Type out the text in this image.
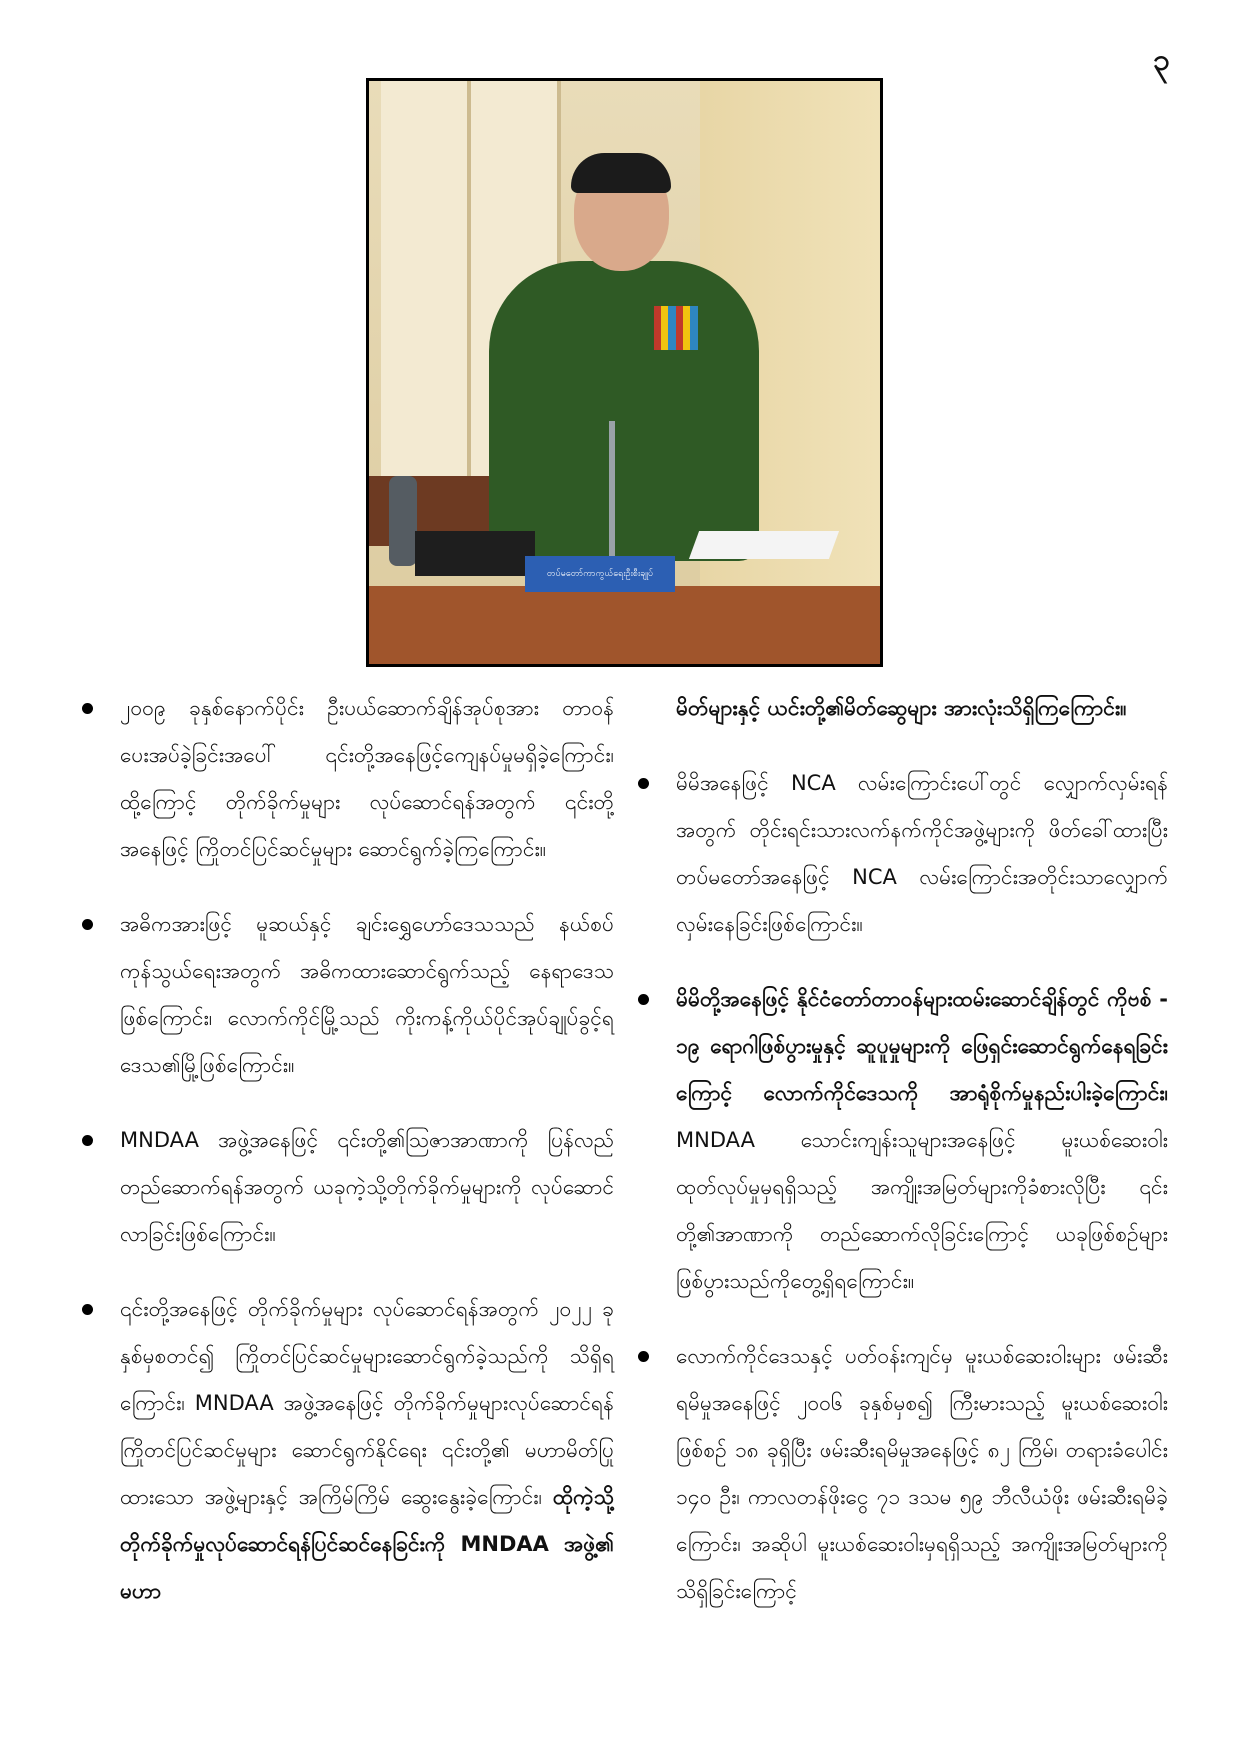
၃
တပ်မတော်ကာကွယ်ရေးဦးစီးချုပ်
၂၀၀၉ ခုနှစ်နောက်ပိုင်း ဦးပယ်ဆောက်ချိန်အုပ်စုအား တာဝန်ပေးအပ်ခဲ့ခြင်းအပေါ် ၎င်းတို့အနေဖြင့်ကျေနပ်မှုမရှိခဲ့ကြောင်း၊ ထို့ကြောင့် တိုက်ခိုက်မှုများ လုပ်ဆောင်ရန်အတွက် ၎င်းတို့အနေဖြင့် ကြိုတင်ပြင်ဆင်မှုများ ဆောင်ရွက်ခဲ့ကြကြောင်း။
အဓိကအားဖြင့် မူဆယ်နှင့် ချင်းရွှေဟော်ဒေသသည် နယ်စပ်ကုန်သွယ်ရေးအတွက် အဓိကထားဆောင်ရွက်သည့် နေရာဒေသဖြစ်ကြောင်း၊ လောက်ကိုင်မြို့သည် ကိုးကန့်ကိုယ်ပိုင်အုပ်ချုပ်ခွင့်ရဒေသ၏မြို့ဖြစ်ကြောင်း။
MNDAA အဖွဲ့အနေဖြင့် ၎င်းတို့၏ဩဇာအာဏာကို ပြန်လည်တည်ဆောက်ရန်အတွက် ယခုကဲ့သို့တိုက်ခိုက်မှုများကို လုပ်ဆောင်လာခြင်းဖြစ်ကြောင်း။
၎င်းတို့အနေဖြင့် တိုက်ခိုက်မှုများ လုပ်ဆောင်ရန်အတွက် ၂၀၂၂ ခုနှစ်မှစတင်၍ ကြိုတင်ပြင်ဆင်မှုများဆောင်ရွက်ခဲ့သည်ကို သိရှိရကြောင်း၊ MNDAA အဖွဲ့အနေဖြင့် တိုက်ခိုက်မှုများလုပ်ဆောင်ရန် ကြိုတင်ပြင်ဆင်မှုများ ဆောင်ရွက်နိုင်ရေး ၎င်းတို့၏ မဟာမိတ်ပြုထားသော အဖွဲ့များနှင့် အကြိမ်ကြိမ် ဆွေးနွေးခဲ့ကြောင်း၊ ထိုကဲ့သို့တိုက်ခိုက်မှုလုပ်ဆောင်ရန်ပြင်ဆင်နေခြင်းကို MNDAA အဖွဲ့၏ မဟာ
မိတ်များနှင့် ယင်းတို့၏မိတ်ဆွေများ အားလုံးသိရှိကြကြောင်း။
မိမိအနေဖြင့် NCA လမ်းကြောင်းပေါ်တွင် လျှောက်လှမ်းရန်အတွက် တိုင်းရင်းသားလက်နက်ကိုင်အဖွဲ့များကို ဖိတ်ခေါ်ထားပြီး တပ်မတော်အနေဖြင့် NCA လမ်းကြောင်းအတိုင်းသာလျှောက်လှမ်းနေခြင်းဖြစ်ကြောင်း။
မိမိတို့အနေဖြင့် နိုင်ငံတော်တာဝန်များထမ်းဆောင်ချိန်တွင် ကိုဗစ် - ၁၉ ရောဂါဖြစ်ပွားမှုနှင့် ဆူပူမှုများကို ဖြေရှင်းဆောင်ရွက်နေရခြင်းကြောင့် လောက်ကိုင်ဒေသကို အာရုံစိုက်မှုနည်းပါးခဲ့ကြောင်း၊ MNDAA သောင်းကျန်းသူများအနေဖြင့် မူးယစ်ဆေးဝါးထုတ်လုပ်မှုမှရရှိသည့် အကျိုးအမြတ်များကိုခံစားလိုပြီး ၎င်းတို့၏အာဏာကို တည်ဆောက်လိုခြင်းကြောင့် ယခုဖြစ်စဉ်များဖြစ်ပွားသည်ကိုတွေ့ရှိရကြောင်း။
လောက်ကိုင်ဒေသနှင့် ပတ်ဝန်းကျင်မှ မူးယစ်ဆေးဝါးများ ဖမ်းဆီးရမိမှုအနေဖြင့် ၂၀၀၆ ခုနှစ်မှစ၍ ကြီးမားသည့် မူးယစ်ဆေးဝါးဖြစ်စဉ် ၁၈ ခုရှိပြီး ဖမ်းဆီးရမိမှုအနေဖြင့် ၈၂ ကြိမ်၊ တရားခံပေါင်း ၁၄၀ ဦး၊ ကာလတန်ဖိုးငွေ ၇၁ ဒသမ ၅၉ ဘီလီယံဖိုး ဖမ်းဆီးရမိခဲ့ကြောင်း၊ အဆိုပါ မူးယစ်ဆေးဝါးမှရရှိသည့် အကျိုးအမြတ်များကို သိရှိခြင်းကြောင့်
